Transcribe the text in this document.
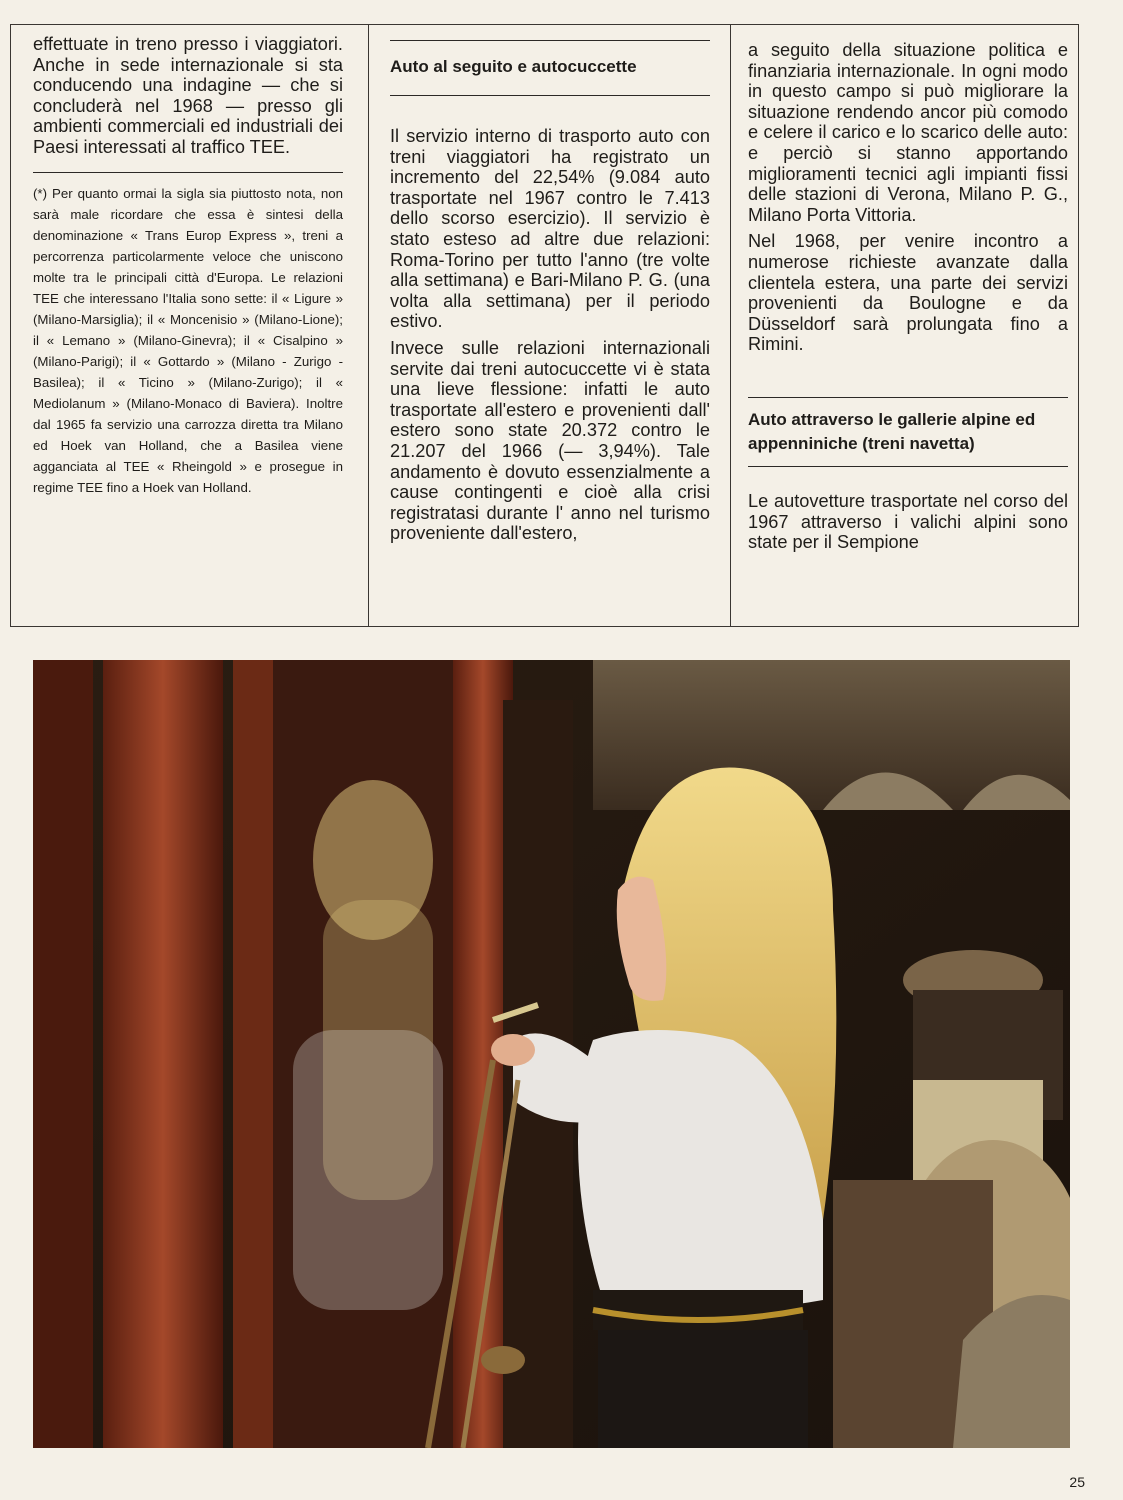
effettuate in treno presso i viaggiatori. Anche in sede internazionale si sta conducendo una indagine — che si concluderà nel 1968 — presso gli ambienti commerciali ed industriali dei Paesi interessati al traffico TEE.

(*) Per quanto ormai la sigla sia piuttosto nota, non sarà male ricordare che essa è sintesi della denominazione « Trans Europ Express », treni a percorrenza particolarmente veloce che uniscono molte tra le principali città d'Europa. Le relazioni TEE che interessano l'Italia sono sette: il « Ligure » (Milano-Marsiglia); il « Moncenisio » (Milano-Lione); il « Lemano » (Milano-Ginevra); il « Cisalpino » (Milano-Parigi); il « Gottardo » (Milano - Zurigo - Basilea); il « Ticino » (Milano-Zurigo); il « Mediolanum » (Milano-Monaco di Baviera). Inoltre dal 1965 fa servizio una carrozza diretta tra Milano ed Hoek van Holland, che a Basilea viene agganciata al TEE « Rheingold » e prosegue in regime TEE fino a Hoek van Holland.

Auto al seguito e autocuccette

Il servizio interno di trasporto auto con treni viaggiatori ha registrato un incremento del 22,54% (9.084 auto trasportate nel 1967 contro le 7.413 dello scorso esercizio). Il servizio è stato esteso ad altre due relazioni: Roma-Torino per tutto l'anno (tre volte alla settimana) e Bari-Milano P. G. (una volta alla settimana) per il periodo estivo.

Invece sulle relazioni internazionali servite dai treni autocuccette vi è stata una lieve flessione: infatti le auto trasportate all'estero e provenienti dall' estero sono state 20.372 contro le 21.207 del 1966 (— 3,94%). Tale andamento è dovuto essenzialmente a cause contingenti e cioè alla crisi registratasi durante l' anno nel turismo proveniente dall'estero,

a seguito della situazione politica e finanziaria internazionale. In ogni modo in questo campo si può migliorare la situazione rendendo ancor più comodo e celere il carico e lo scarico delle auto: e perciò si stanno apportando miglioramenti tecnici agli impianti fissi delle stazioni di Verona, Milano P. G., Milano Porta Vittoria.

Nel 1968, per venire incontro a numerose richieste avanzate dalla clientela estera, una parte dei servizi provenienti da Boulogne e da Düsseldorf sarà prolungata fino a Rimini.

Auto attraverso le gallerie alpine ed appenniniche (treni navetta)

Le autovetture trasportate nel corso del 1967 attraverso i valichi alpini sono state per il Sempione

25
